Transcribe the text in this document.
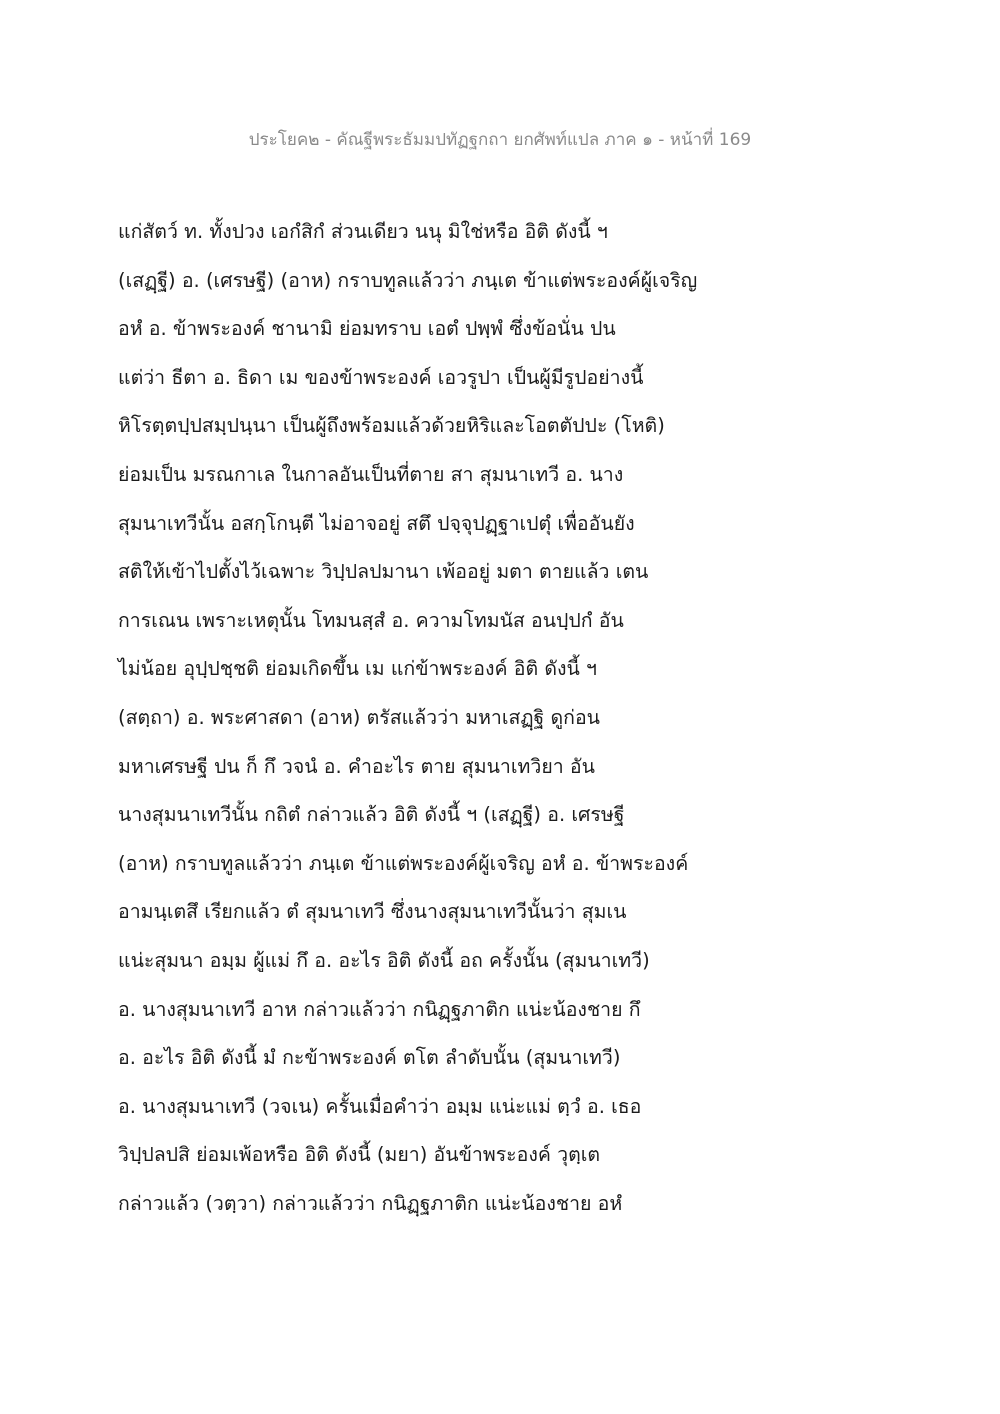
ประโยค๒ - คัณฐีพระธัมมปทัฏฐกถา ยกศัพท์แปล ภาค ๑ - หน้าที่ 169
แก่สัตว์ ท. ทั้งปวง เอกํสิกํ ส่วนเดียว นนุ มิใช่หรือ อิติ ดังนี้ ฯ
(เสฏฺฐี) อ. (เศรษฐี) (อาห) กราบทูลแล้วว่า ภนฺเต ข้าแต่พระองค์ผู้เจริญ
อหํ อ. ข้าพระองค์ ชานามิ ย่อมทราบ เอตํ ปพฺพํ ซึ่งข้อนั่น ปน
แต่ว่า ธีตา อ. ธิดา เม ของข้าพระองค์ เอวรูปา เป็นผู้มีรูปอย่างนี้
หิโรตฺตปฺปสมฺปนฺนา เป็นผู้ถึงพร้อมแล้วด้วยหิริและโอตตัปปะ (โหติ)
ย่อมเป็น มรณกาเล ในกาลอันเป็นที่ตาย สา สุมนาเทวี อ. นาง
สุมนาเทวีนั้น อสกฺโกนฺตี ไม่อาจอยู่ สตึ ปจฺจุปฏฺฐาเปตุํ เพื่ออันยัง
สติให้เข้าไปตั้งไว้เฉพาะ วิปฺปลปมานา เพ้ออยู่ มตา ตายแล้ว เตน
การเณน เพราะเหตุนั้น โทมนสฺสํ อ. ความโทมนัส อนปฺปกํ อัน
ไม่น้อย อุปฺปชฺชติ ย่อมเกิดขึ้น เม แก่ข้าพระองค์ อิติ ดังนี้ ฯ
(สตฺถา) อ. พระศาสดา (อาห) ตรัสแล้วว่า มหาเสฏฺฐิ ดูก่อน
มหาเศรษฐี ปน ก็ กึ วจนํ อ. คำอะไร ตาย สุมนาเทวิยา อัน
นางสุมนาเทวีนั้น กถิตํ กล่าวแล้ว อิติ ดังนี้ ฯ (เสฏฺฐี) อ. เศรษฐี
(อาห) กราบทูลแล้วว่า ภนฺเต ข้าแต่พระองค์ผู้เจริญ อหํ อ. ข้าพระองค์
อามนฺเตสึ เรียกแล้ว ตํ สุมนาเทวี ซึ่งนางสุมนาเทวีนั้นว่า สุมเน
แน่ะสุมนา อมฺม ผู้แม่ กึ อ. อะไร อิติ ดังนี้ อถ ครั้งนั้น (สุมนาเทวี)
อ. นางสุมนาเทวี อาห กล่าวแล้วว่า กนิฏฺฐภาติก แน่ะน้องชาย กึ
อ. อะไร อิติ ดังนี้ มํ กะข้าพระองค์ ตโต ลำดับนั้น (สุมนาเทวี)
อ. นางสุมนาเทวี (วจเน) ครั้นเมื่อคำว่า อมฺม แน่ะแม่ ตฺวํ อ. เธอ
วิปฺปลปสิ ย่อมเพ้อหรือ อิติ ดังนี้ (มยา) อันข้าพระองค์ วุตฺเต
กล่าวแล้ว (วตฺวา) กล่าวแล้วว่า กนิฏฺฐภาติก แน่ะน้องชาย อหํ
